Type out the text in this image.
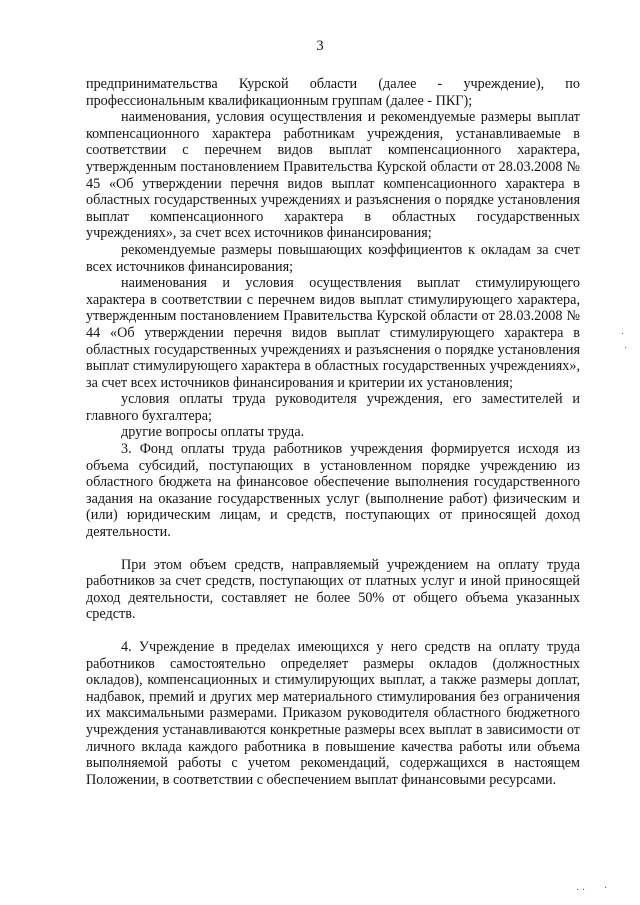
3

предпринимательства Курской области (далее - учреждение), по профессиональным квалификационным группам (далее - ПКГ);

наименования, условия осуществления и рекомендуемые размеры выплат компенсационного характера работникам учреждения, устанавливаемые в соответствии с перечнем видов выплат компенсационного характера, утвержденным постановлением Правительства Курской области от 28.03.2008 № 45 «Об утверждении перечня видов выплат компенсационного характера в областных государственных учреждениях и разъяснения о порядке установления выплат компенсационного характера в областных государственных учреждениях», за счет всех источников финансирования;

рекомендуемые размеры повышающих коэффициентов к окладам за счет всех источников финансирования;

наименования и условия осуществления выплат стимулирующего характера в соответствии с перечнем видов выплат стимулирующего характера, утвержденным постановлением Правительства Курской области от 28.03.2008 № 44 «Об утверждении перечня видов выплат стимулирующего характера в областных государственных учреждениях и разъяснения о порядке установления выплат стимулирующего характера в областных государственных учреждениях», за счет всех источников финансирования и критерии их установления;

условия оплаты труда руководителя учреждения, его заместителей и главного бухгалтера;

другие вопросы оплаты труда.

3. Фонд оплаты труда работников учреждения формируется исходя из объема субсидий, поступающих в установленном порядке учреждению из областного бюджета на финансовое обеспечение выполнения государственного задания на оказание государственных услуг (выполнение работ) физическим и (или) юридическим лицам, и средств, поступающих от приносящей доход деятельности.

При этом объем средств, направляемый учреждением на оплату труда работников за счет средств, поступающих от платных услуг и иной приносящей доход деятельности, составляет не более 50% от общего объема указанных средств.

4. Учреждение в пределах имеющихся у него средств на оплату труда работников самостоятельно определяет размеры окладов (должностных окладов), компенсационных и стимулирующих выплат, а также размеры доплат, надбавок, премий и других мер материального стимулирования без ограничения их максимальными размерами. Приказом руководителя областного бюджетного учреждения устанавливаются конкретные размеры всех выплат в зависимости от личного вклада каждого работника в повышение качества работы или объема выполняемой работы с учетом рекомендаций, содержащихся в настоящем Положении, в соответствии с обеспечением выплат финансовыми ресурсами.

·
·
· · ·
